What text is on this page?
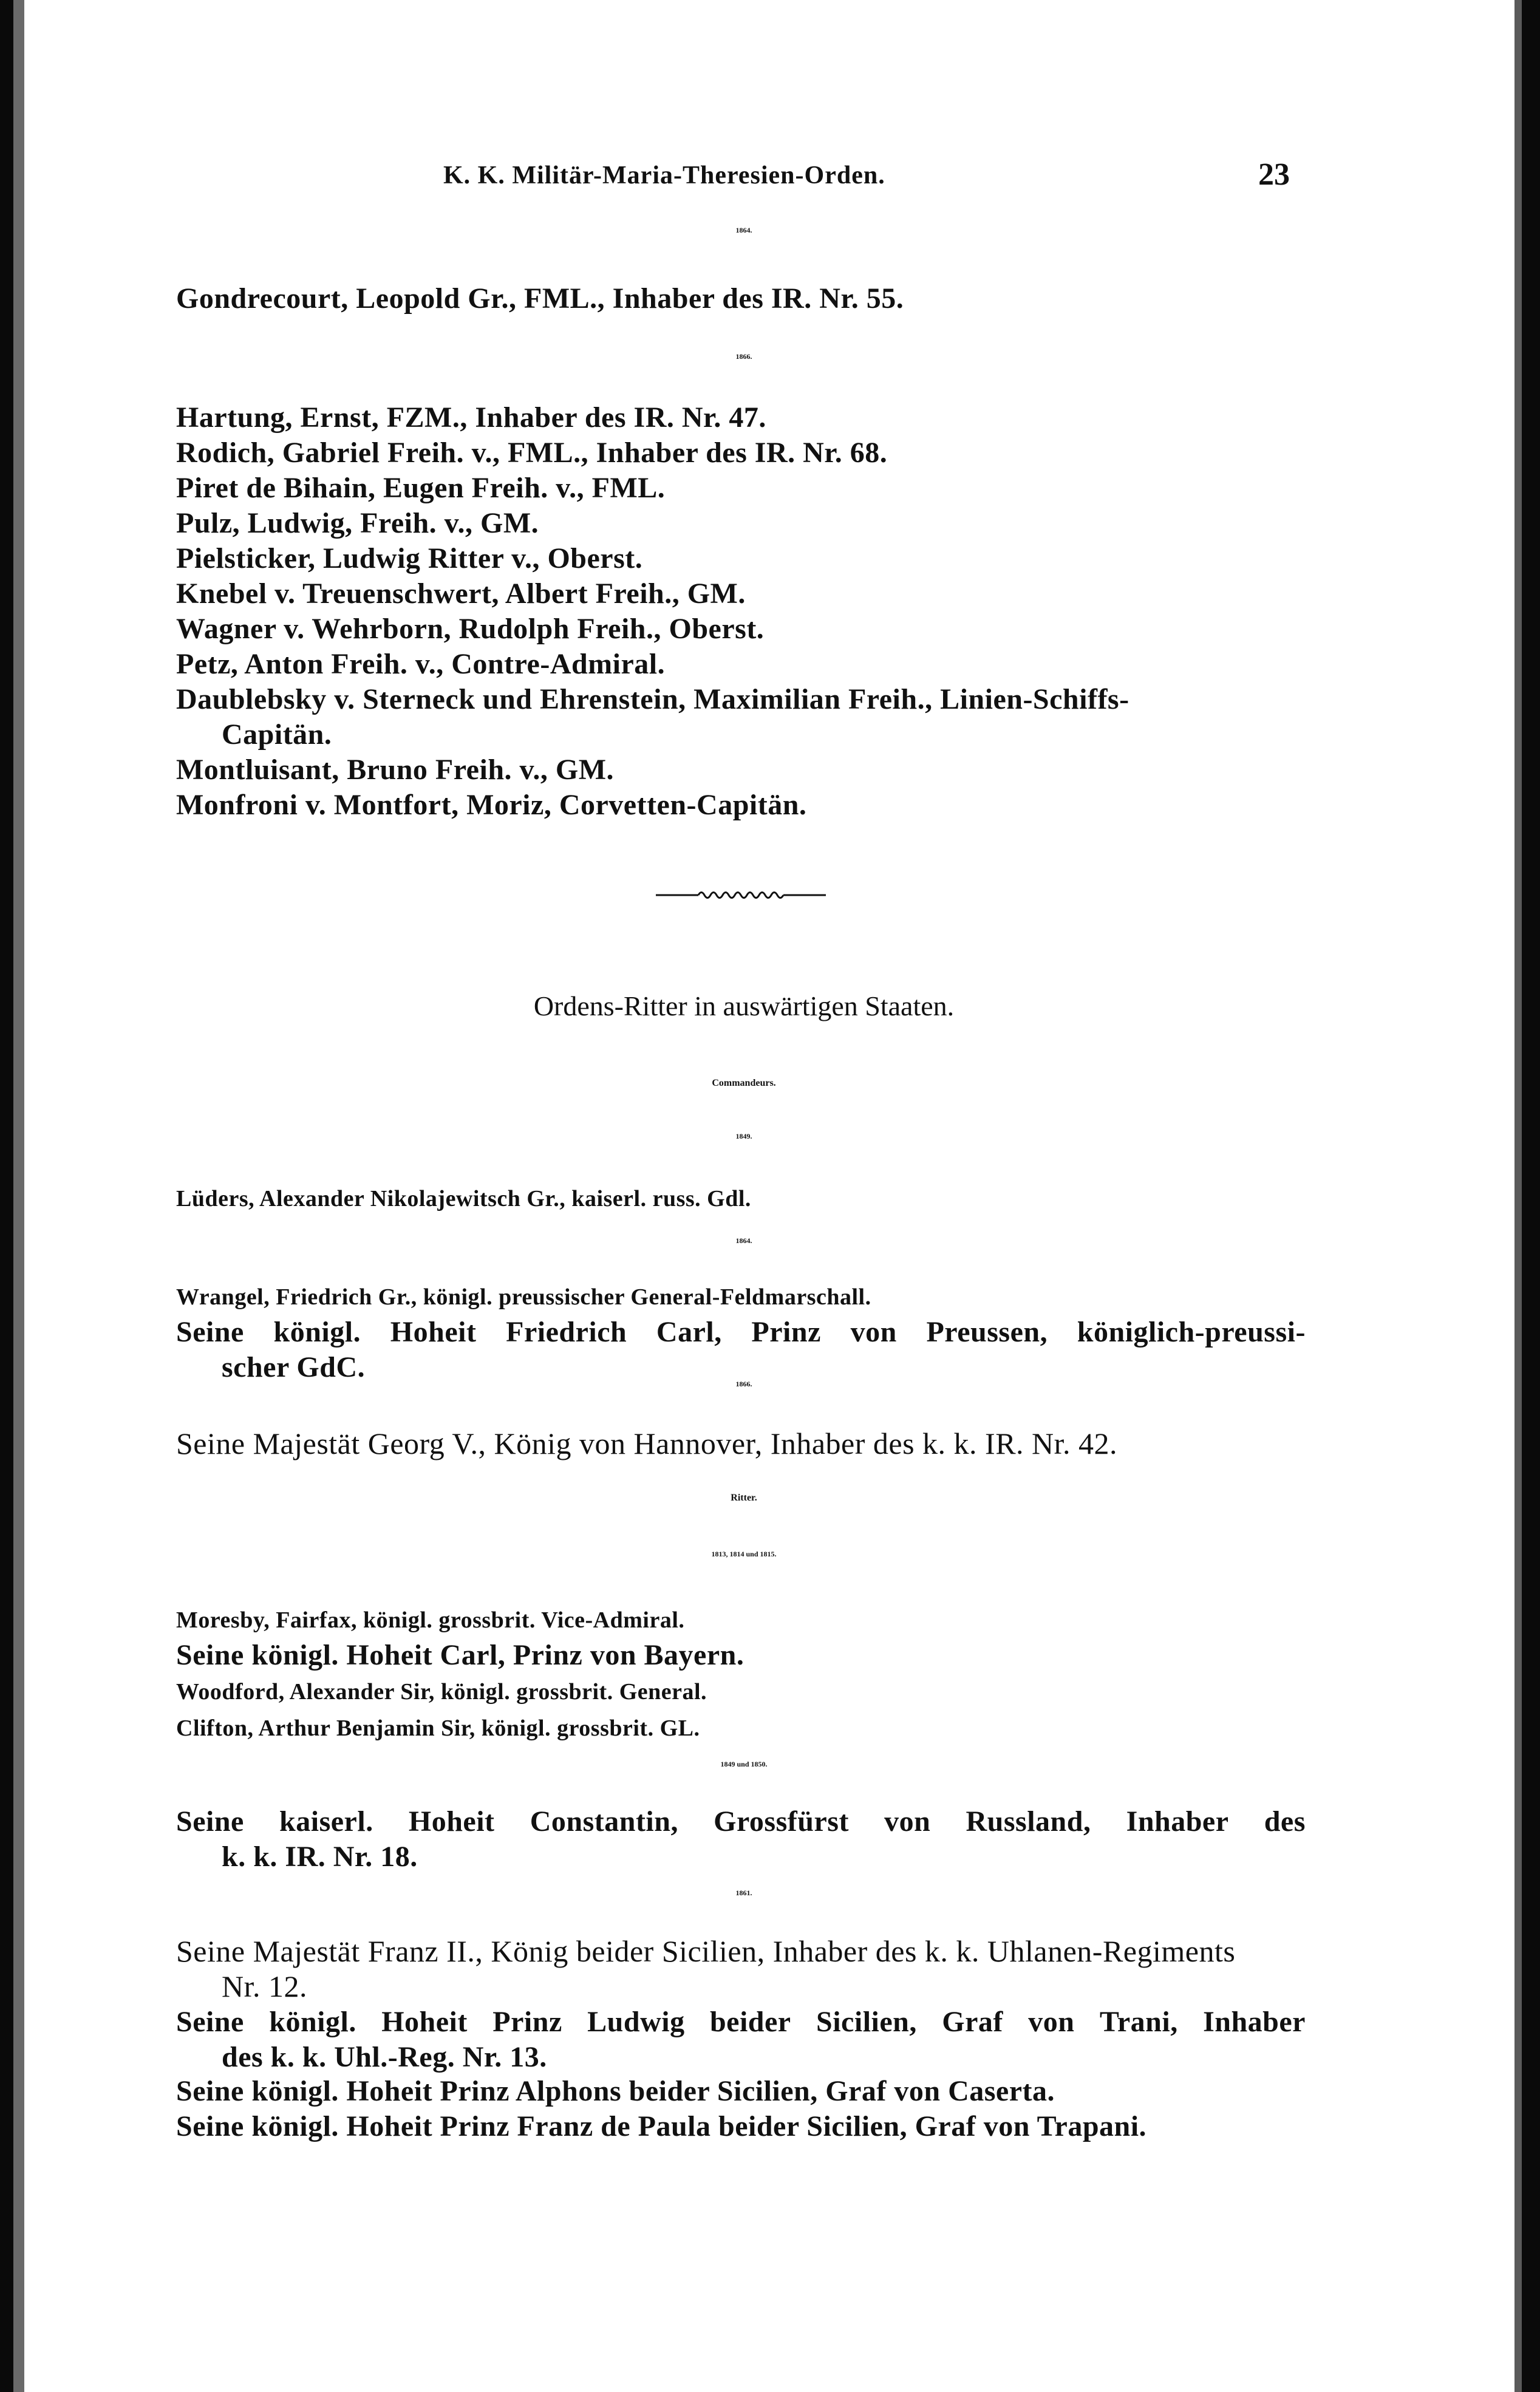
K. K. Militär-Maria-Theresien-Orden.	23
1864.
Gondrecourt, Leopold Gr., FML., Inhaber des IR. Nr. 55.
1866.
Hartung, Ernst, FZM., Inhaber des IR. Nr. 47.
Rodich, Gabriel Freih. v., FML., Inhaber des IR. Nr. 68.
Piret de Bihain, Eugen Freih. v., FML.
Pulz, Ludwig, Freih. v., GM.
Pielsticker, Ludwig Ritter v., Oberst.
Knebel v. Treuenschwert, Albert Freih., GM.
Wagner v. Wehrborn, Rudolph Freih., Oberst.
Petz, Anton Freih. v., Contre-Admiral.
Daublebsky v. Sterneck und Ehrenstein, Maximilian Freih., Linien-Schiffs-
Capitän.
Montluisant, Bruno Freih. v., GM.
Monfroni v. Montfort, Moriz, Corvetten-Capitän.
Ordens-Ritter in auswärtigen Staaten.
Commandeurs.
1849.
Lüders, Alexander Nikolajewitsch Gr., kaiserl. russ. Gdl.
1864.
Wrangel, Friedrich Gr., königl. preussischer General-Feldmarschall.
Seine königl. Hoheit Friedrich Carl, Prinz von Preussen, königlich-preussi-
scher GdC.
1866.
Seine Majestät Georg V., König von Hannover, Inhaber des k. k. IR. Nr. 42.
Ritter.
1813, 1814 und 1815.
Moresby, Fairfax, königl. grossbrit. Vice-Admiral.
Seine königl. Hoheit Carl, Prinz von Bayern.
Woodford, Alexander Sir, königl. grossbrit. General.
Clifton, Arthur Benjamin Sir, königl. grossbrit. GL.
1849 und 1850.
Seine kaiserl. Hoheit Constantin, Grossfürst von Russland, Inhaber des
k. k. IR. Nr. 18.
1861.
Seine Majestät Franz II., König beider Sicilien, Inhaber des k. k. Uhlanen-Regiments
Nr. 12.
Seine königl. Hoheit Prinz Ludwig beider Sicilien, Graf von Trani, Inhaber
des k. k. Uhl.-Reg. Nr. 13.
Seine königl. Hoheit Prinz Alphons beider Sicilien, Graf von Caserta.
Seine königl. Hoheit Prinz Franz de Paula beider Sicilien, Graf von Trapani.
